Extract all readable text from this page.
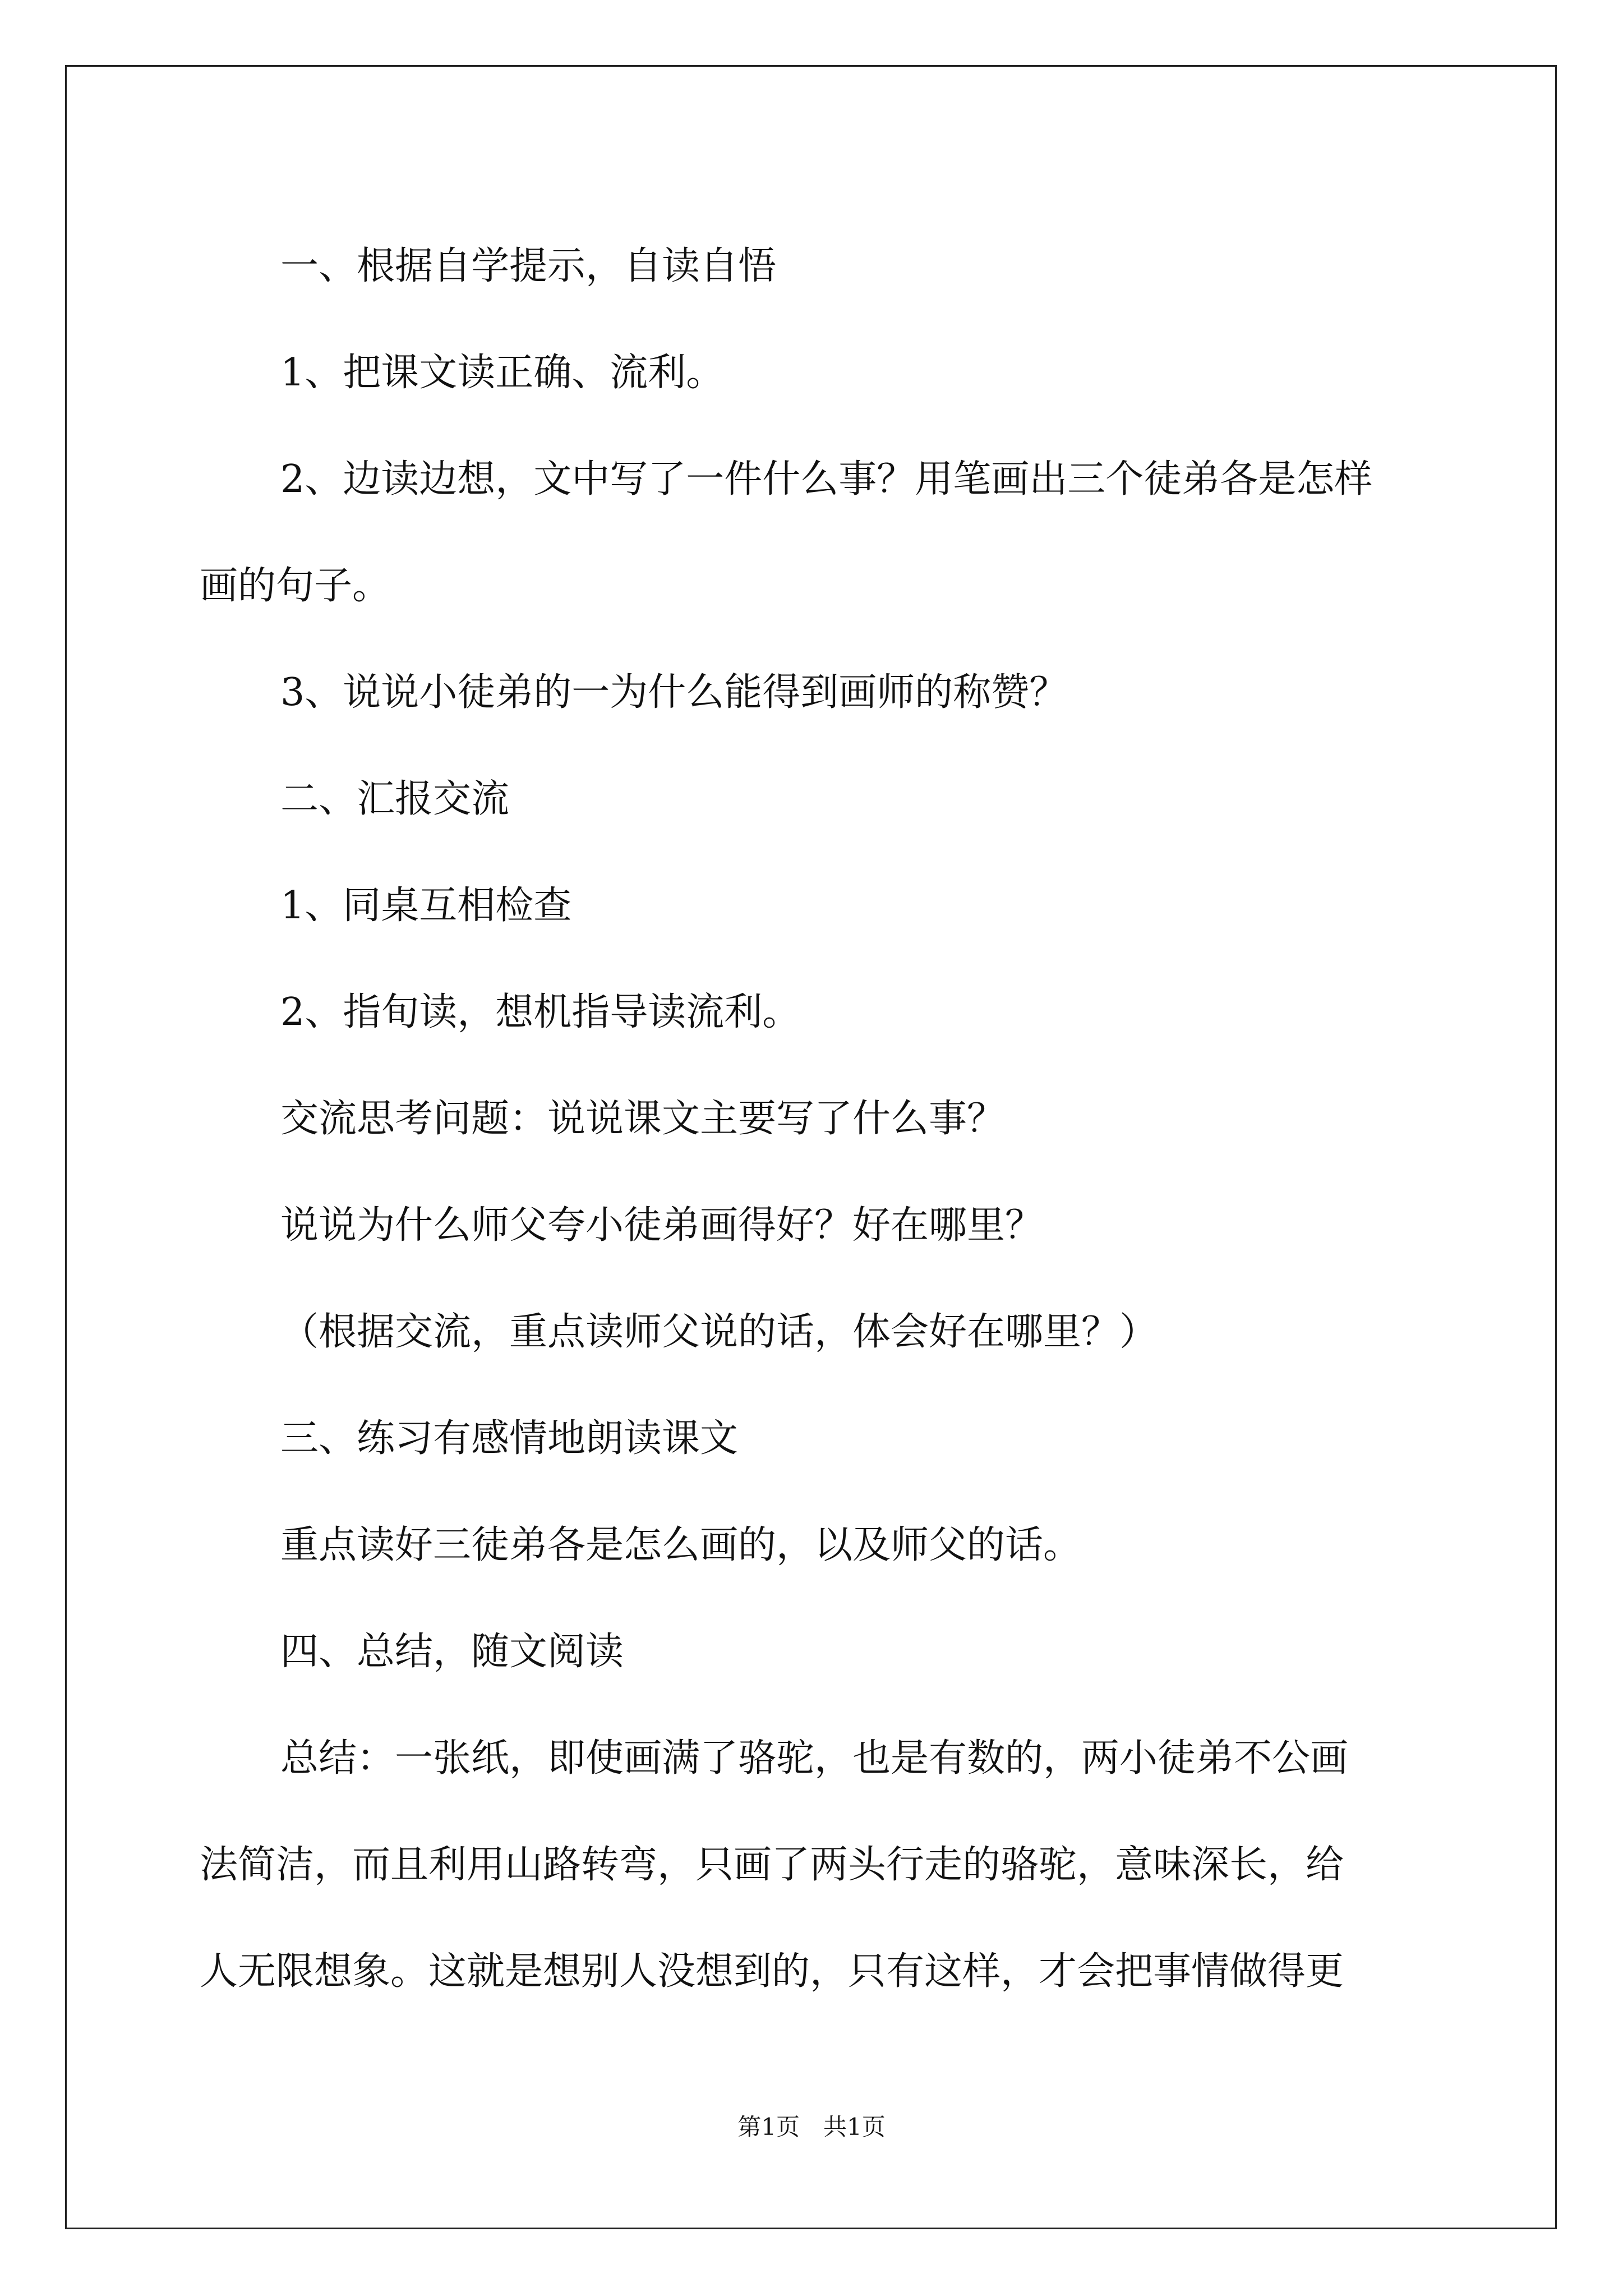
一、根据自学提示，自读自悟

1、把课文读正确、流利。

2、边读边想，文中写了一件什么事？用笔画出三个徒弟各是怎样

画的句子。

3、说说小徒弟的一为什么能得到画师的称赞？

二、汇报交流

1、同桌互相检查

2、指旬读，想机指导读流利。

交流思考问题：说说课文主要写了什么事？

说说为什么师父夸小徒弟画得好？好在哪里？

（根据交流，重点读师父说的话，体会好在哪里？）

三、练习有感情地朗读课文

重点读好三徒弟各是怎么画的，以及师父的话。

四、总结，随文阅读

总结：一张纸，即使画满了骆驼，也是有数的，两小徒弟不公画

法简洁，而且利用山路转弯，只画了两头行走的骆驼，意味深长，给

人无限想象。这就是想别人没想到的，只有这样，才会把事情做得更

第1页　共1页
